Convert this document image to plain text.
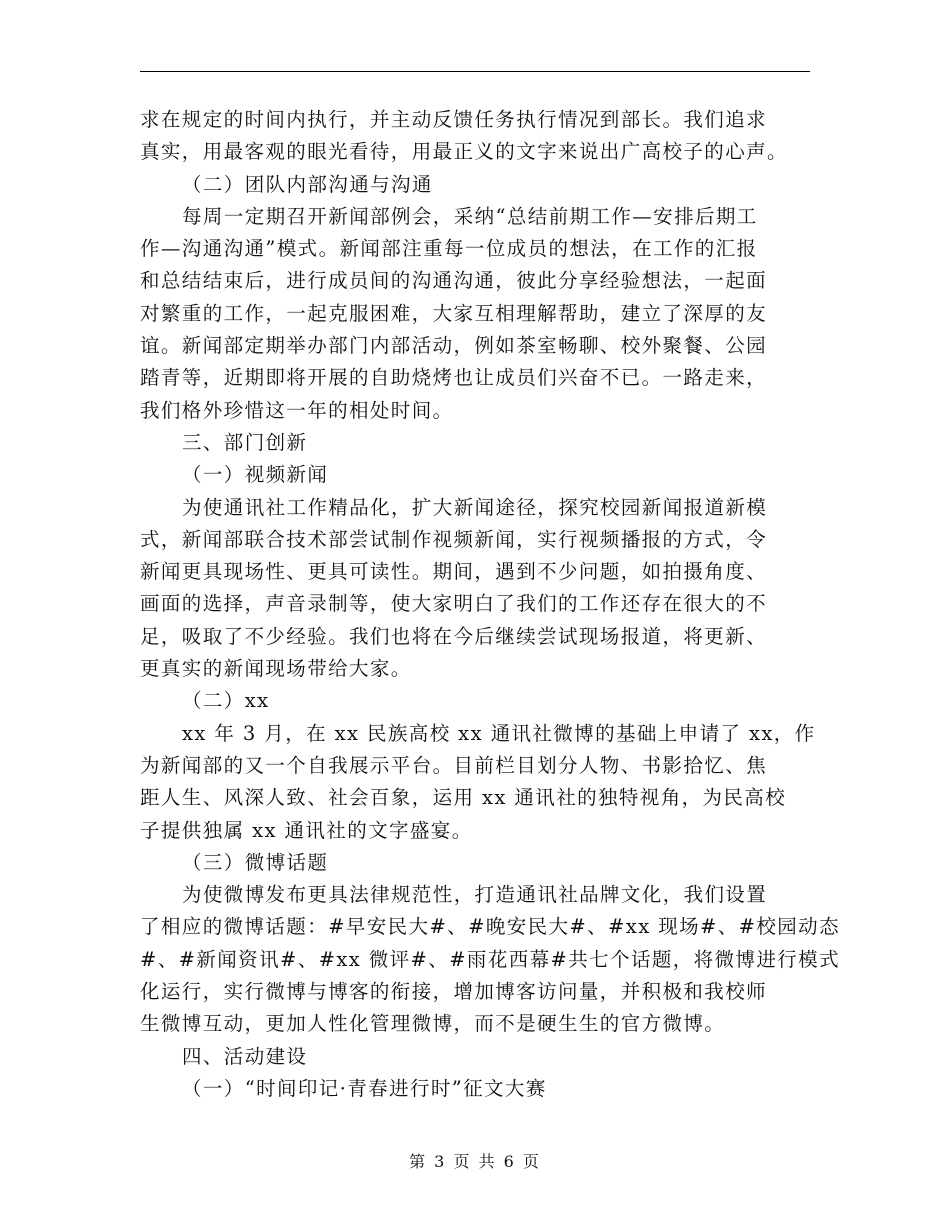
求在规定的时间内执行，并主动反馈任务执行情况到部长。我们追求
真实，用最客观的眼光看待，用最正义的文字来说出广高校子的心声。
（二）团队内部沟通与沟通
每周一定期召开新闻部例会，采纳“总结前期工作—安排后期工
作—沟通沟通”模式。新闻部注重每一位成员的想法，在工作的汇报
和总结结束后，进行成员间的沟通沟通，彼此分享经验想法，一起面
对繁重的工作，一起克服困难，大家互相理解帮助，建立了深厚的友
谊。新闻部定期举办部门内部活动，例如茶室畅聊、校外聚餐、公园
踏青等，近期即将开展的自助烧烤也让成员们兴奋不已。一路走来，
我们格外珍惜这一年的相处时间。
三、部门创新
（一）视频新闻
为使通讯社工作精品化，扩大新闻途径，探究校园新闻报道新模
式，新闻部联合技术部尝试制作视频新闻，实行视频播报的方式，令
新闻更具现场性、更具可读性。期间，遇到不少问题，如拍摄角度、
画面的选择，声音录制等，使大家明白了我们的工作还存在很大的不
足，吸取了不少经验。我们也将在今后继续尝试现场报道，将更新、
更真实的新闻现场带给大家。
（二）xx
xx 年 3 月，在 xx 民族高校 xx 通讯社微博的基础上申请了 xx，作
为新闻部的又一个自我展示平台。目前栏目划分人物、书影拾忆、焦
距人生、风深人致、社会百象，运用 xx 通讯社的独特视角，为民高校
子提供独属 xx 通讯社的文字盛宴。
（三）微博话题
为使微博发布更具法律规范性，打造通讯社品牌文化，我们设置
了相应的微博话题：#早安民大#、#晚安民大#、#xx 现场#、#校园动态
#、#新闻资讯#、#xx 微评#、#雨花西幕#共七个话题，将微博进行模式
化运行，实行微博与博客的衔接，增加博客访问量，并积极和我校师
生微博互动，更加人性化管理微博，而不是硬生生的官方微博。
四、活动建设
（一）“时间印记·青春进行时”征文大赛
第 3 页 共 6 页
